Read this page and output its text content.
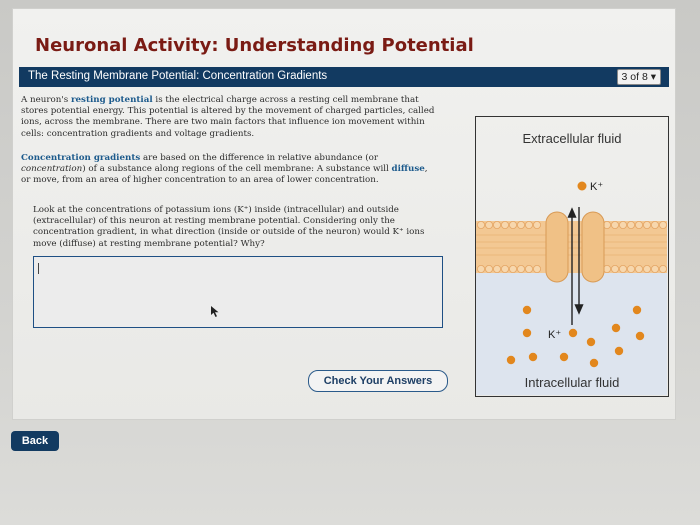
Neuronal Activity: Understanding Potential
The Resting Membrane Potential: Concentration Gradients	3 of 8 ▾

A neuron's resting potential is the electrical charge across a resting cell membrane that stores potential energy. This potential is altered by the movement of charged particles, called ions, across the membrane. There are two main factors that influence ion movement within cells: concentration gradients and voltage gradients.

Concentration gradients are based on the difference in relative abundance (or concentration) of a substance along regions of the cell membrane: A substance will diffuse, or move, from an area of higher concentration to an area of lower concentration.

Look at the concentrations of potassium ions (K⁺) inside (intracellular) and outside (extracellular) of this neuron at resting membrane potential. Considering only the concentration gradient, in what direction (inside or outside of the neuron) would K⁺ ions move (diffuse) at resting membrane potential? Why?

Check Your Answers
Extracellular fluid
K⁺
K⁺
Intracellular fluid
Back
